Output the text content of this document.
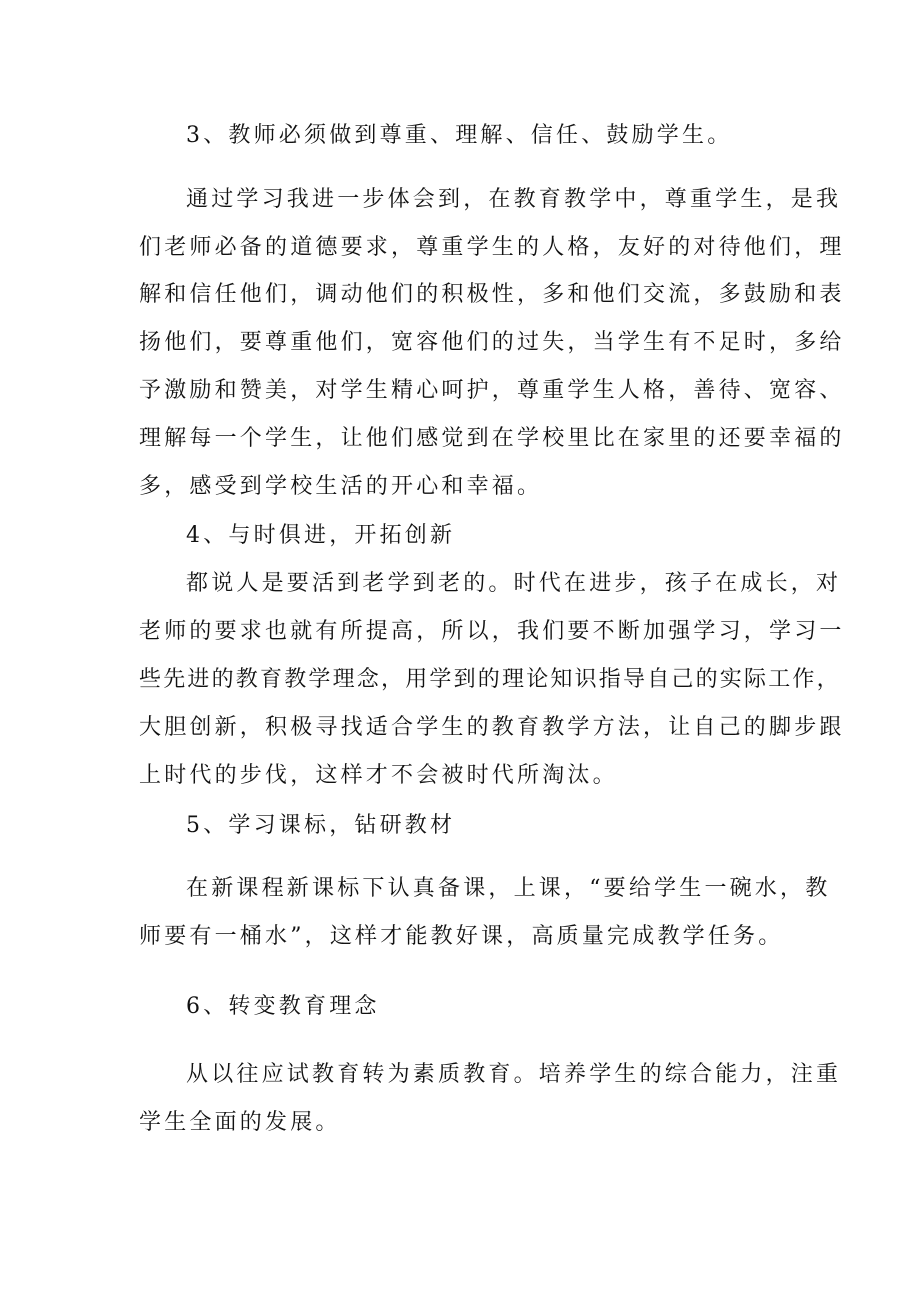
3、教师必须做到尊重、理解、信任、鼓励学生。
通过学习我进一步体会到，在教育教学中，尊重学生，是我
们老师必备的道德要求，尊重学生的人格，友好的对待他们，理
解和信任他们，调动他们的积极性，多和他们交流，多鼓励和表
扬他们，要尊重他们，宽容他们的过失，当学生有不足时，多给
予激励和赞美，对学生精心呵护，尊重学生人格，善待、宽容、
理解每一个学生，让他们感觉到在学校里比在家里的还要幸福的
多，感受到学校生活的开心和幸福。
4、与时俱进，开拓创新
都说人是要活到老学到老的。时代在进步，孩子在成长，对
老师的要求也就有所提高，所以，我们要不断加强学习，学习一
些先进的教育教学理念，用学到的理论知识指导自己的实际工作，
大胆创新，积极寻找适合学生的教育教学方法，让自己的脚步跟
上时代的步伐，这样才不会被时代所淘汰。
5、学习课标，钻研教材
在新课程新课标下认真备课，上课，“要给学生一碗水，教
师要有一桶水”，这样才能教好课，高质量完成教学任务。
6、转变教育理念
从以往应试教育转为素质教育。培养学生的综合能力，注重
学生全面的发展。
